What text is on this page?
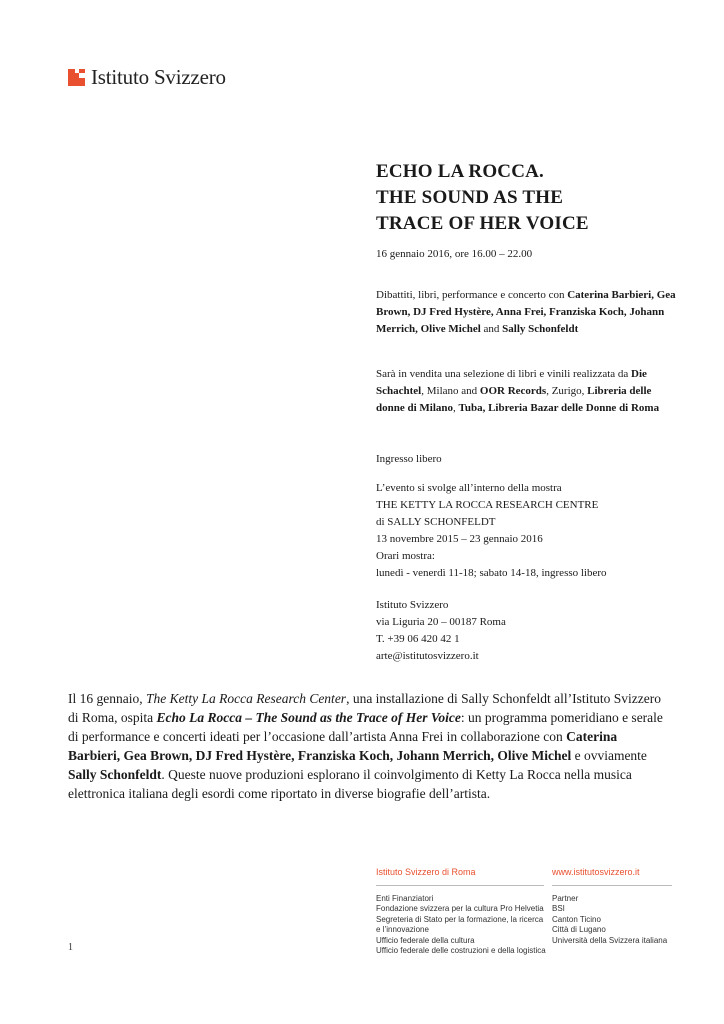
Istituto Svizzero
ECHO LA ROCCA.
THE SOUND AS THE
TRACE OF HER VOICE
16 gennaio 2016, ore 16.00 – 22.00

Dibattiti, libri, performance e concerto con Caterina Barbieri, Gea Brown, DJ Fred Hystère, Anna Frei, Franziska Koch, Johann Merrich, Olive Michel and Sally Schonfeldt

Sarà in vendita una selezione di libri e vinili realizzata da Die Schachtel, Milano and OOR Records, Zurigo, Libreria delle donne di Milano, Tuba, Libreria Bazar delle Donne di Roma

Ingresso libero
L’evento si svolge all’interno della mostra
THE KETTY LA ROCCA RESEARCH CENTRE
di SALLY SCHONFELDT
13 novembre 2015 – 23 gennaio 2016
Orari mostra:
lunedì - venerdì 11-18; sabato 14-18, ingresso libero
Istituto Svizzero
via Liguria 20 – 00187 Roma
T. +39 06 420 42 1
arte@istitutosvizzero.it

Il 16 gennaio, The Ketty La Rocca Research Center, una installazione di Sally Schonfeldt all’Istituto Svizzero di Roma, ospita Echo La Rocca – The Sound as the Trace of Her Voice: un programma pomeridiano e serale di performance e concerti ideati per l’occasione dall’artista Anna Frei in collaborazione con Caterina Barbieri, Gea Brown, DJ Fred Hystère, Franziska Koch, Johann Merrich, Olive Michel e ovviamente Sally Schonfeldt. Queste nuove produzioni esplorano il coinvolgimento di Ketty La Rocca nella musica elettronica italiana degli esordi come riportato in diverse biografie dell’artista.

Istituto Svizzero di Roma
Enti Finanziatori
Fondazione svizzera per la cultura Pro Helvetia
Segreteria di Stato per la formazione, la ricerca e l’innovazione
Ufficio federale della cultura
Ufficio federale delle costruzioni e della logistica
www.istitutosvizzero.it
Partner
BSI
Canton Ticino
Città di Lugano
Università della Svizzera italiana
1
